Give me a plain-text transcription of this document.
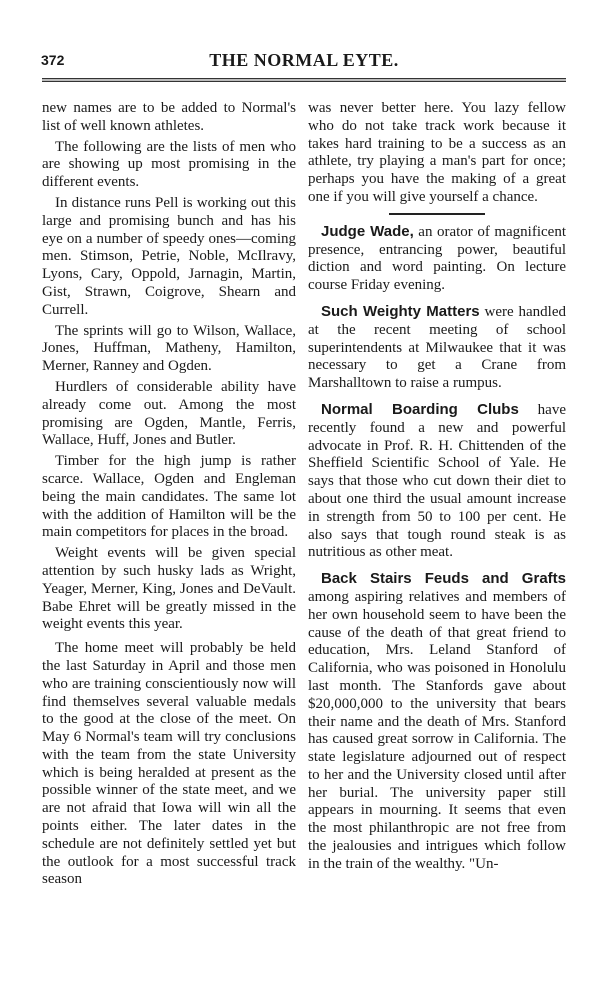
372	THE NORMAL EYTE.

new names are to be added to Normal's list of well known athletes.

The following are the lists of men who are showing up most promising in the different events.

In distance runs Pell is working out this large and promising bunch and has his eye on a number of speedy ones—coming men. Stimson, Petrie, Noble, McIlravy, Lyons, Cary, Oppold, Jarnagin, Martin, Gist, Strawn, Coigrove, Shearn and Currell.

The sprints will go to Wilson, Wallace, Jones, Huffman, Matheny, Hamilton, Merner, Ranney and Ogden.

Hurdlers of considerable ability have already come out. Among the most promising are Ogden, Mantle, Ferris, Wallace, Huff, Jones and Butler.

Timber for the high jump is rather scarce. Wallace, Ogden and Engleman being the main candidates. The same lot with the addition of Hamilton will be the main competitors for places in the broad.

Weight events will be given special attention by such husky lads as Wright, Yeager, Merner, King, Jones and DeVault. Babe Ehret will be greatly missed in the weight events this year.

The home meet will probably be held the last Saturday in April and those men who are training conscientiously now will find themselves several valuable medals to the good at the close of the meet. On May 6 Normal's team will try conclusions with the team from the state University which is being heralded at present as the possible winner of the state meet, and we are not afraid that Iowa will win all the points either. The later dates in the schedule are not definitely settled yet but the outlook for a most successful track season

was never better here. You lazy fellow who do not take track work because it takes hard training to be a success as an athlete, try playing a man's part for once; perhaps you have the making of a great one if you will give yourself a chance.

Judge Wade, an orator of magnificent presence, entrancing power, beautiful diction and word painting. On lecture course Friday evening.

Such Weighty Matters were handled at the recent meeting of school superintendents at Milwaukee that it was necessary to get a Crane from Marshalltown to raise a rumpus.

Normal Boarding Clubs have recently found a new and powerful advocate in Prof. R. H. Chittenden of the Sheffield Scientific School of Yale. He says that those who cut down their diet to about one third the usual amount increase in strength from 50 to 100 per cent. He also says that tough round steak is as nutritious as other meat.

Back Stairs Feuds and Grafts among aspiring relatives and members of her own household seem to have been the cause of the death of that great friend to education, Mrs. Leland Stanford of California, who was poisoned in Honolulu last month. The Stanfords gave about $20,000,000 to the university that bears their name and the death of Mrs. Stanford has caused great sorrow in California. The state legislature adjourned out of respect to her and the University closed until after her burial. The university paper still appears in mourning. It seems that even the most philanthropic are not free from the jealousies and intrigues which follow in the train of the wealthy. "Un-
